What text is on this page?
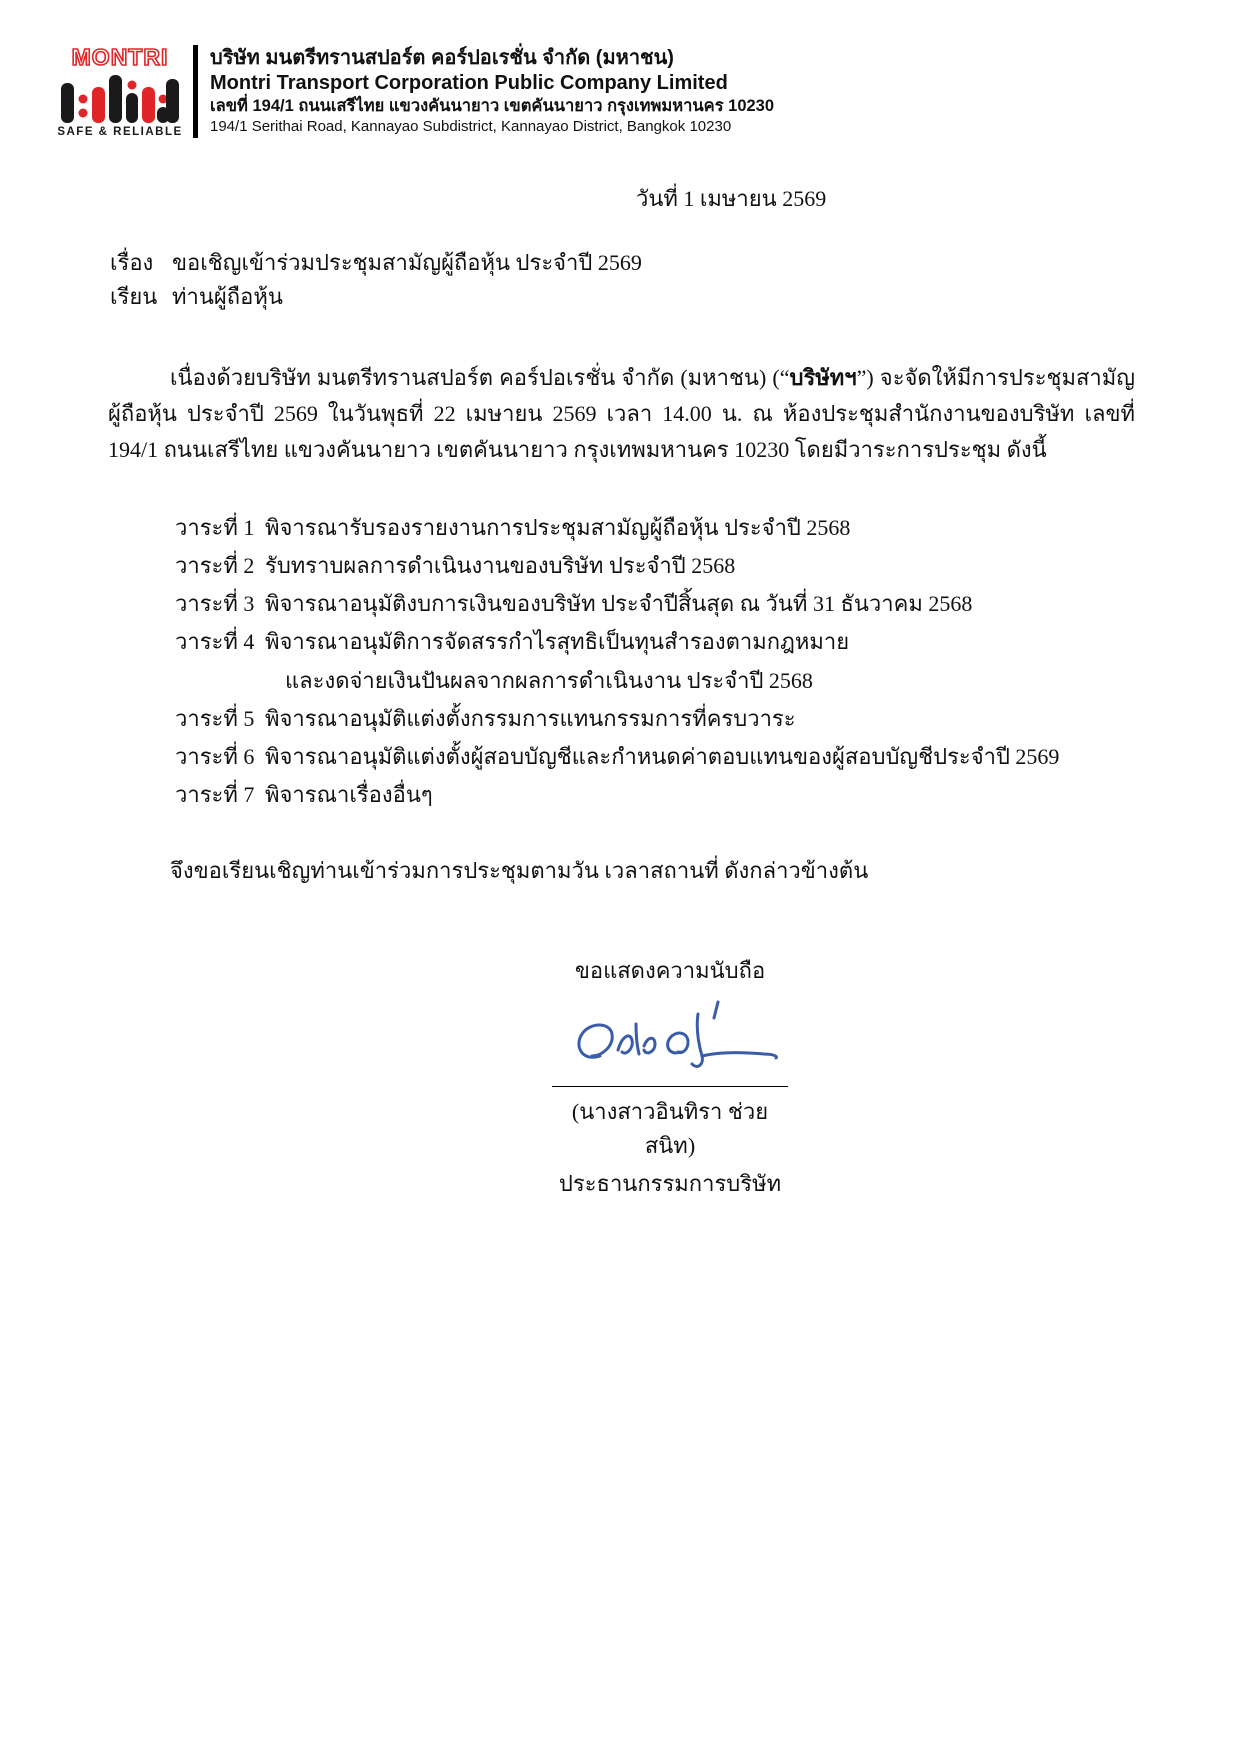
MONTRI
SAFE & RELIABLE
บริษัท มนตรีทรานสปอร์ต คอร์ปอเรชั่น จำกัด (มหาชน)
Montri Transport Corporation Public Company Limited
เลขที่ 194/1 ถนนเสรีไทย แขวงคันนายาว เขตคันนายาว กรุงเทพมหานคร 10230
194/1 Serithai Road, Kannayao Subdistrict, Kannayao District, Bangkok 10230
วันที่ 1 เมษายน 2569
เรื่อง ขอเชิญเข้าร่วมประชุมสามัญผู้ถือหุ้น ประจำปี 2569
เรียน ท่านผู้ถือหุ้น

เนื่องด้วยบริษัท มนตรีทรานสปอร์ต คอร์ปอเรชั่น จำกัด (มหาชน) (“บริษัทฯ”) จะจัดให้มีการประชุมสามัญผู้ถือหุ้น ประจำปี 2569 ในวันพุธที่ 22 เมษายน 2569 เวลา 14.00 น. ณ ห้องประชุมสำนักงานของบริษัท เลขที่ 194/1 ถนนเสรีไทย แขวงคันนายาว เขตคันนายาว กรุงเทพมหานคร 10230 โดยมีวาระการประชุม ดังนี้

วาระที่ 1 พิจารณารับรองรายงานการประชุมสามัญผู้ถือหุ้น ประจำปี 2568
วาระที่ 2 รับทราบผลการดำเนินงานของบริษัท ประจำปี 2568
วาระที่ 3 พิจารณาอนุมัติงบการเงินของบริษัท ประจำปีสิ้นสุด ณ วันที่ 31 ธันวาคม 2568
วาระที่ 4 พิจารณาอนุมัติการจัดสรรกำไรสุทธิเป็นทุนสำรองตามกฎหมาย
และงดจ่ายเงินปันผลจากผลการดำเนินงาน ประจำปี 2568
วาระที่ 5 พิจารณาอนุมัติแต่งตั้งกรรมการแทนกรรมการที่ครบวาระ
วาระที่ 6 พิจารณาอนุมัติแต่งตั้งผู้สอบบัญชีและกำหนดค่าตอบแทนของผู้สอบบัญชีประจำปี 2569
วาระที่ 7 พิจารณาเรื่องอื่นๆ
จึงขอเรียนเชิญท่านเข้าร่วมการประชุมตามวัน เวลาสถานที่ ดังกล่าวข้างต้น
ขอแสดงความนับถือ
(นางสาวอินทิรา ช่วยสนิท)
ประธานกรรมการบริษัท
